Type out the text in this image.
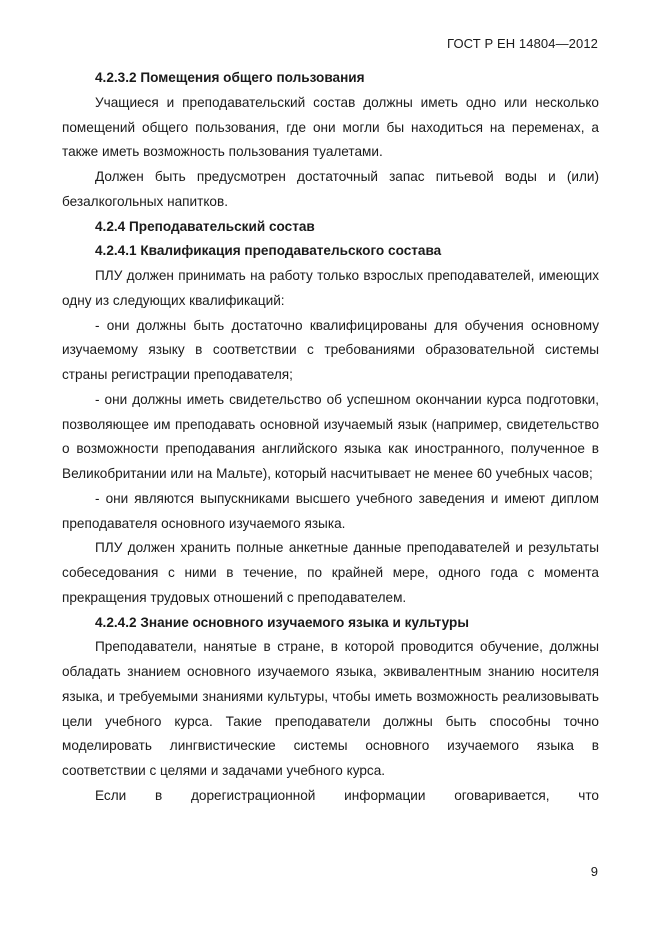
ГОСТ Р ЕН 14804—2012

4.2.3.2 Помещения общего пользования

Учащиеся и преподавательский состав должны иметь одно или несколько помещений общего пользования, где они могли бы находиться на переменах, а также иметь возможность пользования туалетами.

Должен быть предусмотрен достаточный запас питьевой воды и (или) безалкогольных напитков.

4.2.4 Преподавательский состав

4.2.4.1 Квалификация преподавательского состава

ПЛУ должен принимать на работу только взрослых преподавателей, имеющих одну из следующих квалификаций:

- они должны быть достаточно квалифицированы для обучения основному изучаемому языку в соответствии с требованиями образовательной системы страны регистрации преподавателя;

- они должны иметь свидетельство об успешном окончании курса подготовки, позволяющее им преподавать основной изучаемый язык (например, свидетельство о возможности преподавания английского языка как иностранного, полученное в Великобритании или на Мальте), который насчитывает не менее 60 учебных часов;

- они являются выпускниками высшего учебного заведения и имеют диплом преподавателя основного изучаемого языка.

ПЛУ должен хранить полные анкетные данные преподавателей и результаты собеседования с ними в течение, по крайней мере, одного года с момента прекращения трудовых отношений с преподавателем.

4.2.4.2 Знание основного изучаемого языка и культуры

Преподаватели, нанятые в стране, в которой проводится обучение, должны обладать знанием основного изучаемого языка, эквивалентным знанию носителя языка, и требуемыми знаниями культуры, чтобы иметь возможность реализовывать цели учебного курса. Такие преподаватели должны быть способны точно моделировать лингвистические системы основного изучаемого языка в соответствии с целями и задачами учебного курса.

Если в дорегистрационной информации оговаривается, что

9
